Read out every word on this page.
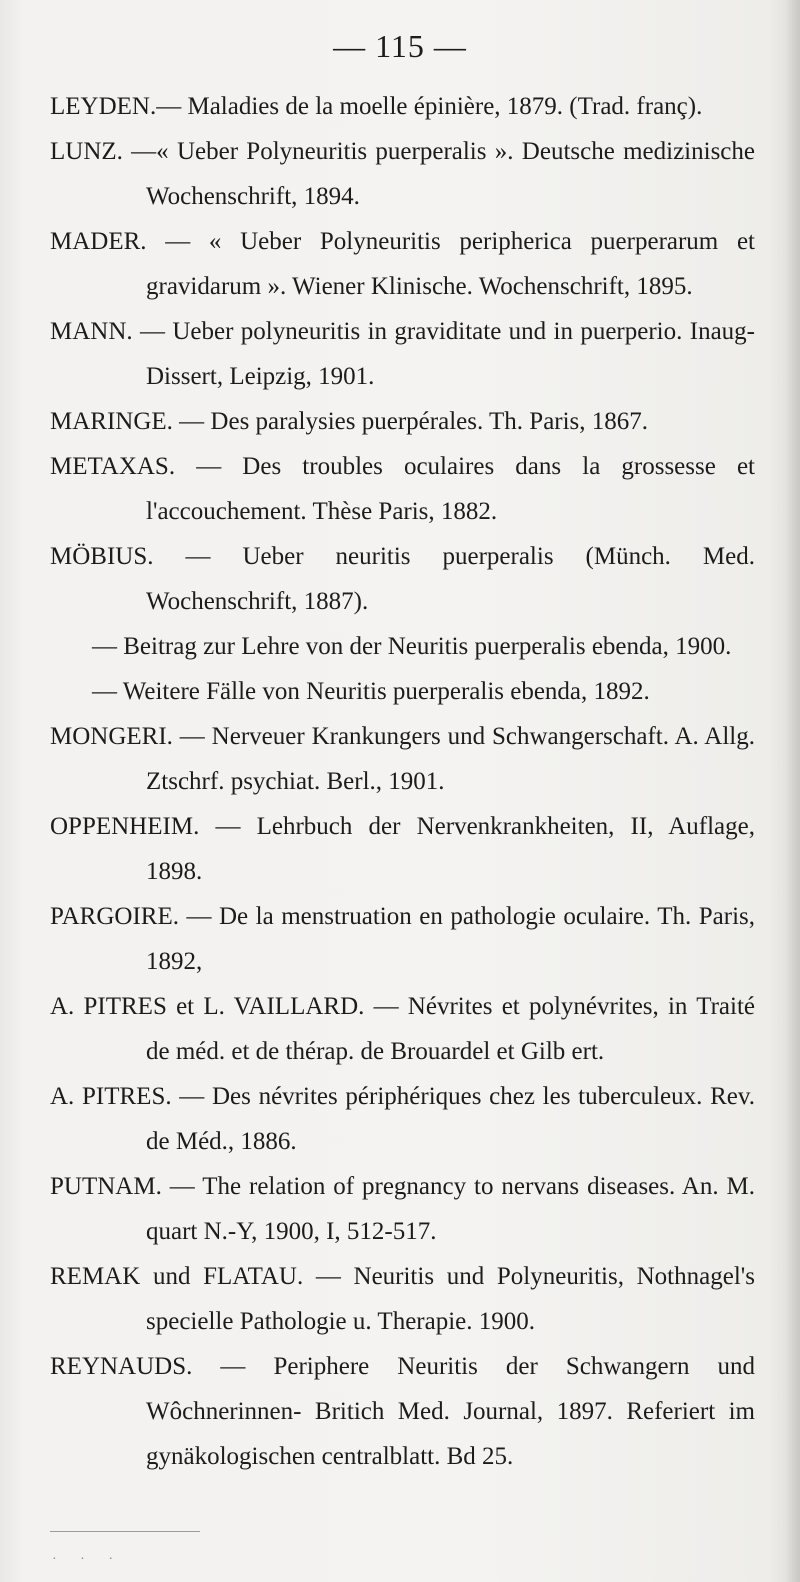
— 115 —
LEYDEN.— Maladies de la moelle épinière, 1879. (Trad. franç).
LUNZ. —« Ueber Polyneuritis puerperalis ». Deutsche medizinische Wochenschrift, 1894.
MADER. — « Ueber Polyneuritis peripherica puerperarum et gravidarum ». Wiener Klinische. Wochenschrift, 1895.
MANN. — Ueber polyneuritis in graviditate und in puerperio. Inaug-Dissert, Leipzig, 1901.
MARINGE. — Des paralysies puerpérales. Th. Paris, 1867.
METAXAS. — Des troubles oculaires dans la grossesse et l'accouchement. Thèse Paris, 1882.
MÖBIUS. — Ueber neuritis puerperalis (Münch. Med. Wochenschrift, 1887).
— Beitrag zur Lehre von der Neuritis puerperalis ebenda, 1900.
— Weitere Fälle von Neuritis puerperalis ebenda, 1892.
MONGERI. — Nerveuer Krankungers und Schwangerschaft. A. Allg. Ztschrf. psychiat. Berl., 1901.
OPPENHEIM. — Lehrbuch der Nervenkrankheiten, II, Auflage, 1898.
PARGOIRE. — De la menstruation en pathologie oculaire. Th. Paris, 1892,
A. PITRES et L. VAILLARD. — Névrites et polynévrites, in Traité de méd. et de thérap. de Brouardel et Gilb ert.
A. PITRES. — Des névrites périphériques chez les tuberculeux. Rev. de Méd., 1886.
PUTNAM. — The relation of pregnancy to nervans diseases. An. M. quart N.-Y, 1900, I, 512-517.
REMAK und FLATAU. — Neuritis und Polyneuritis, Nothnagel's specielle Pathologie u. Therapie. 1900.
REYNAUDS. — Periphere Neuritis der Schwangern und Wôchnerinnen- Britich Med. Journal, 1897. Referiert im gynäkologischen centralblatt. Bd 25.
· · ·
